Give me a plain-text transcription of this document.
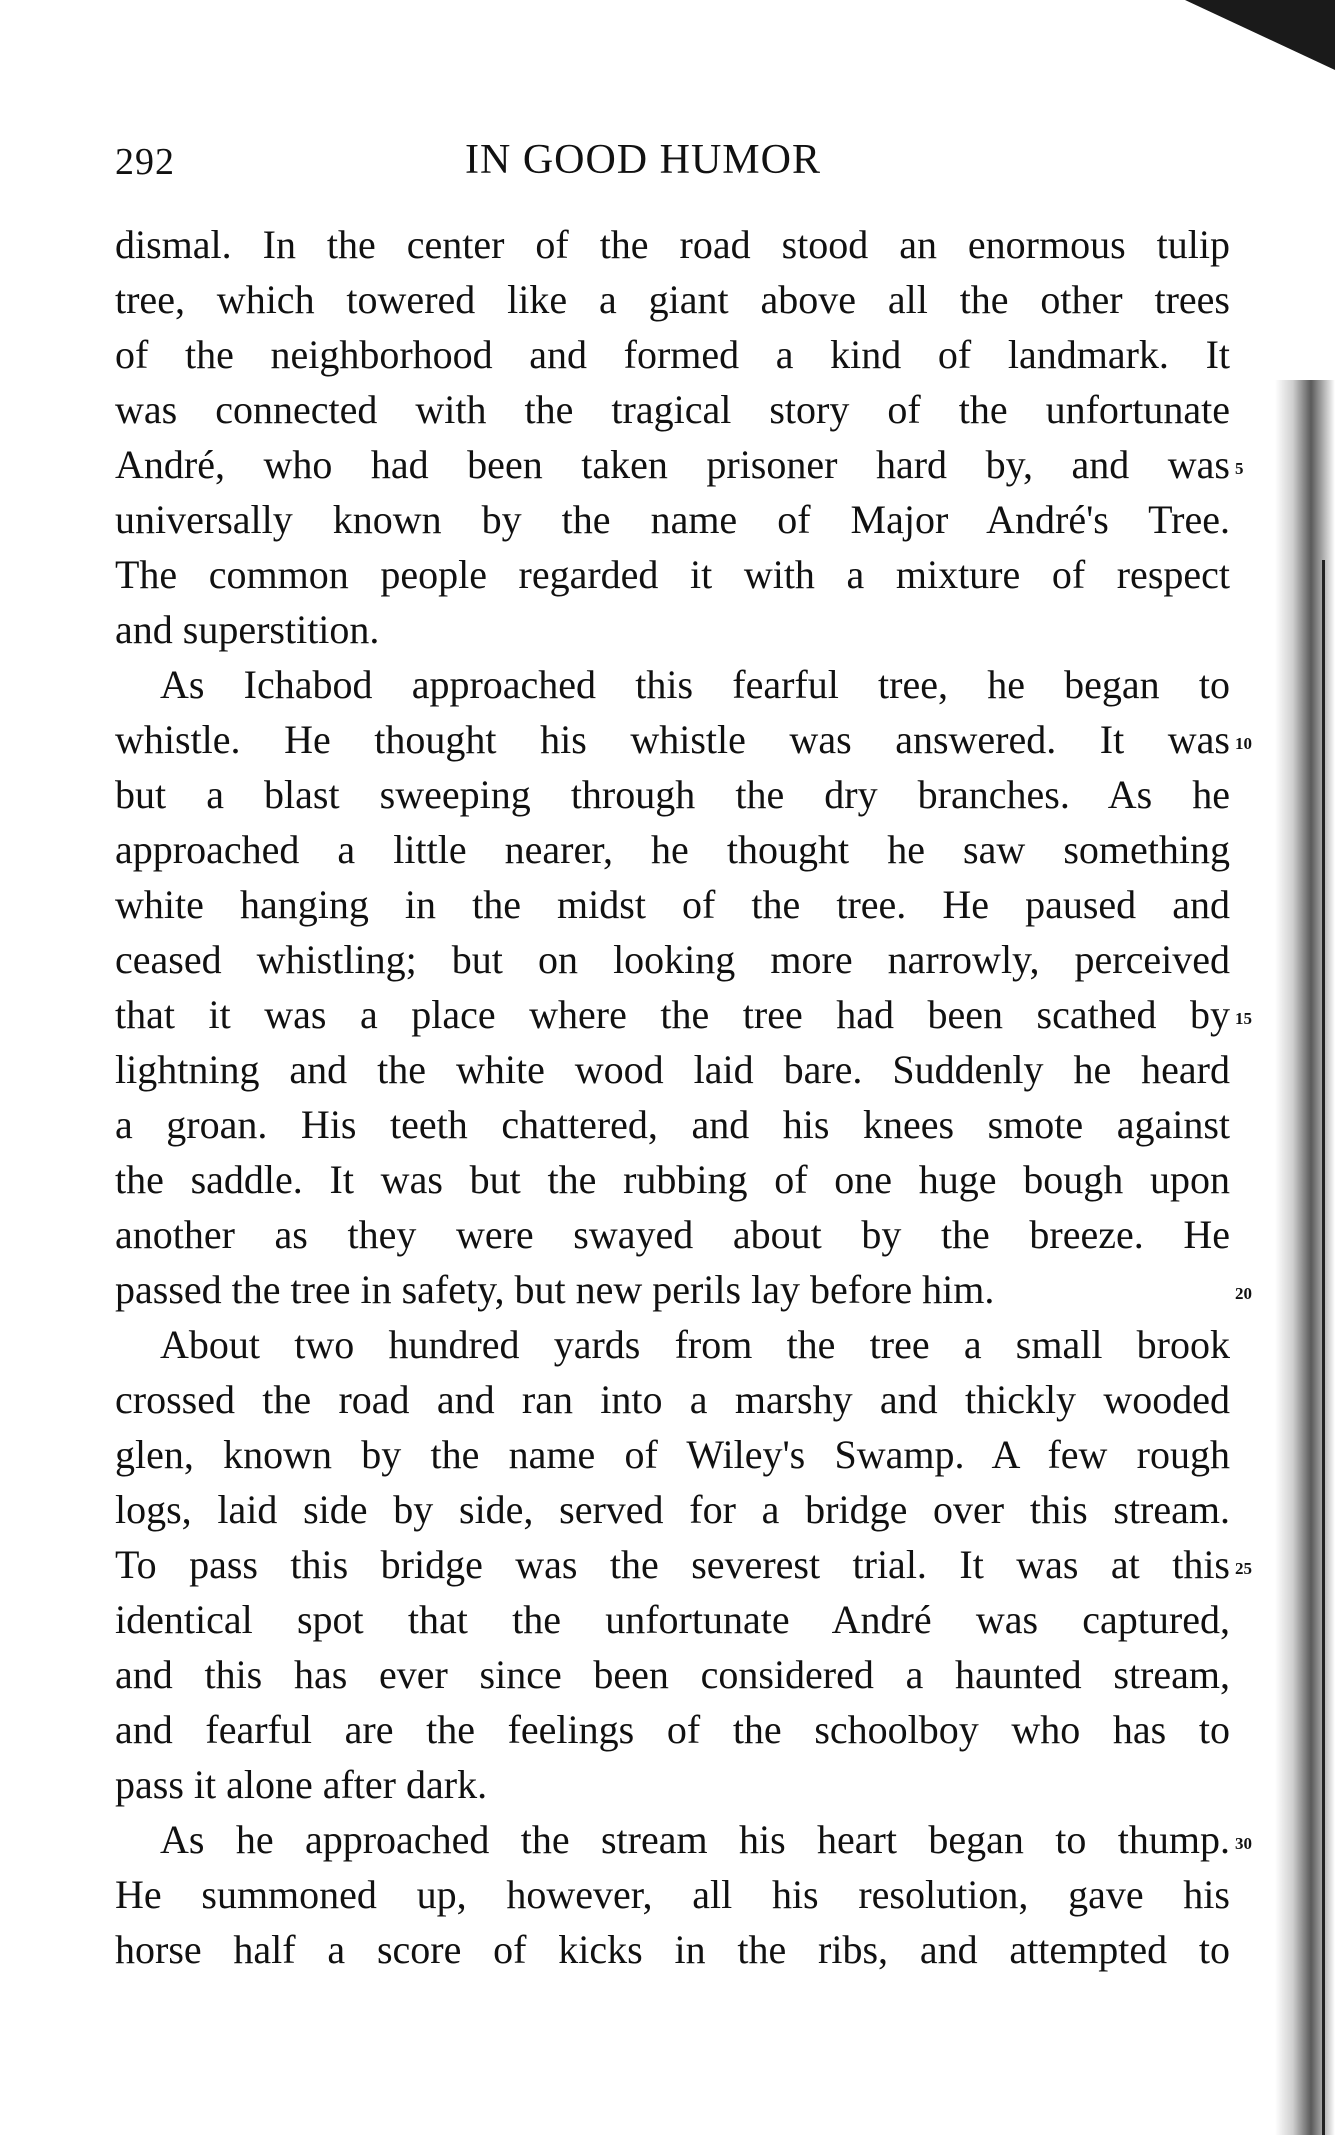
292	IN GOOD HUMOR
dismal. In the center of the road stood an enormous tulip
tree, which towered like a giant above all the other trees
of the neighborhood and formed a kind of landmark. It
was connected with the tragical story of the unfortunate
André, who had been taken prisoner hard by, and was 5
universally known by the name of Major André's Tree.
The common people regarded it with a mixture of respect
and superstition.
As Ichabod approached this fearful tree, he began to
whistle. He thought his whistle was answered. It was 10
but a blast sweeping through the dry branches. As he
approached a little nearer, he thought he saw something
white hanging in the midst of the tree. He paused and
ceased whistling; but on looking more narrowly, perceived
that it was a place where the tree had been scathed by 15
lightning and the white wood laid bare. Suddenly he heard
a groan. His teeth chattered, and his knees smote against
the saddle. It was but the rubbing of one huge bough upon
another as they were swayed about by the breeze. He
passed the tree in safety, but new perils lay before him.	20
About two hundred yards from the tree a small brook
crossed the road and ran into a marshy and thickly wooded
glen, known by the name of Wiley's Swamp. A few rough
logs, laid side by side, served for a bridge over this stream.
To pass this bridge was the severest trial. It was at this 25
identical spot that the unfortunate André was captured,
and this has ever since been considered a haunted stream,
and fearful are the feelings of the schoolboy who has to
pass it alone after dark.
As he approached the stream his heart began to thump. 30
He summoned up, however, all his resolution, gave his
horse half a score of kicks in the ribs, and attempted to
